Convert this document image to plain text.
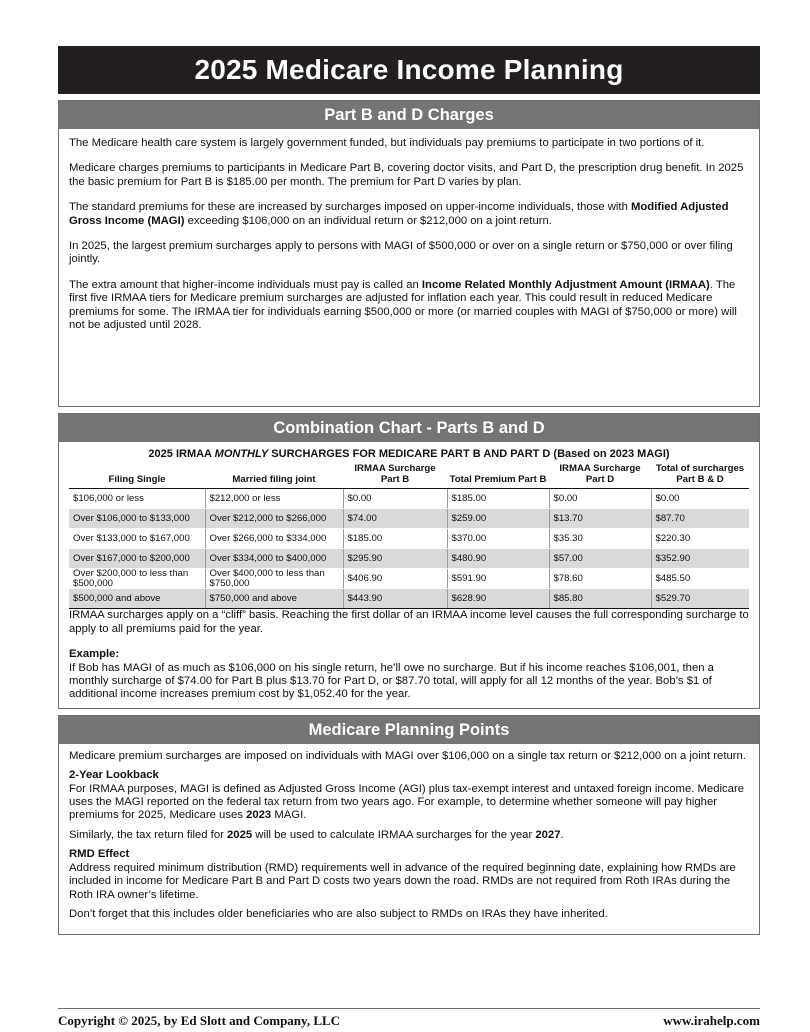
2025 Medicare Income Planning
Part B and D Charges

The Medicare health care system is largely government funded, but individuals pay premiums to participate in two portions of it.

Medicare charges premiums to participants in Medicare Part B, covering doctor visits, and Part D, the prescription drug benefit. In 2025 the basic premium for Part B is $185.00 per month. The premium for Part D varies by plan.

The standard premiums for these are increased by surcharges imposed on upper-income individuals, those with Modified Adjusted Gross Income (MAGI) exceeding $106,000 on an individual return or $212,000 on a joint return.

In 2025, the largest premium surcharges apply to persons with MAGI of $500,000 or over on a single return or $750,000 or over filing jointly.

The extra amount that higher-income individuals must pay is called an Income Related Monthly Adjustment Amount (IRMAA). The first five IRMAA tiers for Medicare premium surcharges are adjusted for inflation each year. This could result in reduced Medicare premiums for some. The IRMAA tier for individuals earning $500,000 or more (or married couples with MAGI of $750,000 or more) will not be adjusted until 2028.

Combination Chart - Parts B and D
2025 IRMAA MONTHLY SURCHARGES FOR MEDICARE PART B AND PART D (Based on 2023 MAGI)
Filing Single	Married filing joint	IRMAA Surcharge Part B	Total Premium Part B	IRMAA Surcharge Part D	Total of surcharges Part B & D
$106,000 or less	$212,000 or less	$0.00	$185.00	$0.00	$0.00
Over $106,000 to $133,000	Over $212,000 to $266,000	$74.00	$259.00	$13.70	$87.70
Over $133,000 to $167,000	Over $266,000 to $334,000	$185.00	$370.00	$35.30	$220.30
Over $167,000 to $200,000	Over $334,000 to $400,000	$295.90	$480.90	$57.00	$352.90
Over $200,000 to less than $500,000	Over $400,000 to less than $750,000	$406.90	$591.90	$78.60	$485.50
$500,000 and above	$750,000 and above	$443.90	$628.90	$85.80	$529.70

IRMAA surcharges apply on a “cliff” basis. Reaching the first dollar of an IRMAA income level causes the full corresponding surcharge to apply to all premiums paid for the year.

Example:
If Bob has MAGI of as much as $106,000 on his single return, he’ll owe no surcharge. But if his income reaches $106,001, then a monthly surcharge of $74.00 for Part B plus $13.70 for Part D, or $87.70 total, will apply for all 12 months of the year. Bob’s $1 of additional income increases premium cost by $1,052.40 for the year.
Medicare Planning Points

Medicare premium surcharges are imposed on individuals with MAGI over $106,000 on a single tax return or $212,000 on a joint return.

2-Year Lookback

For IRMAA purposes, MAGI is defined as Adjusted Gross Income (AGI) plus tax-exempt interest and untaxed foreign income. Medicare uses the MAGI reported on the federal tax return from two years ago. For example, to determine whether someone will pay higher premiums for 2025, Medicare uses 2023 MAGI.

Similarly, the tax return filed for 2025 will be used to calculate IRMAA surcharges for the year 2027.

RMD Effect

Address required minimum distribution (RMD) requirements well in advance of the required beginning date, explaining how RMDs are included in income for Medicare Part B and Part D costs two years down the road. RMDs are not required from Roth IRAs during the Roth IRA owner’s lifetime.

Don’t forget that this includes older beneficiaries who are also subject to RMDs on IRAs they have inherited.

Copyright © 2025, by Ed Slott and Company, LLC	www.irahelp.com
